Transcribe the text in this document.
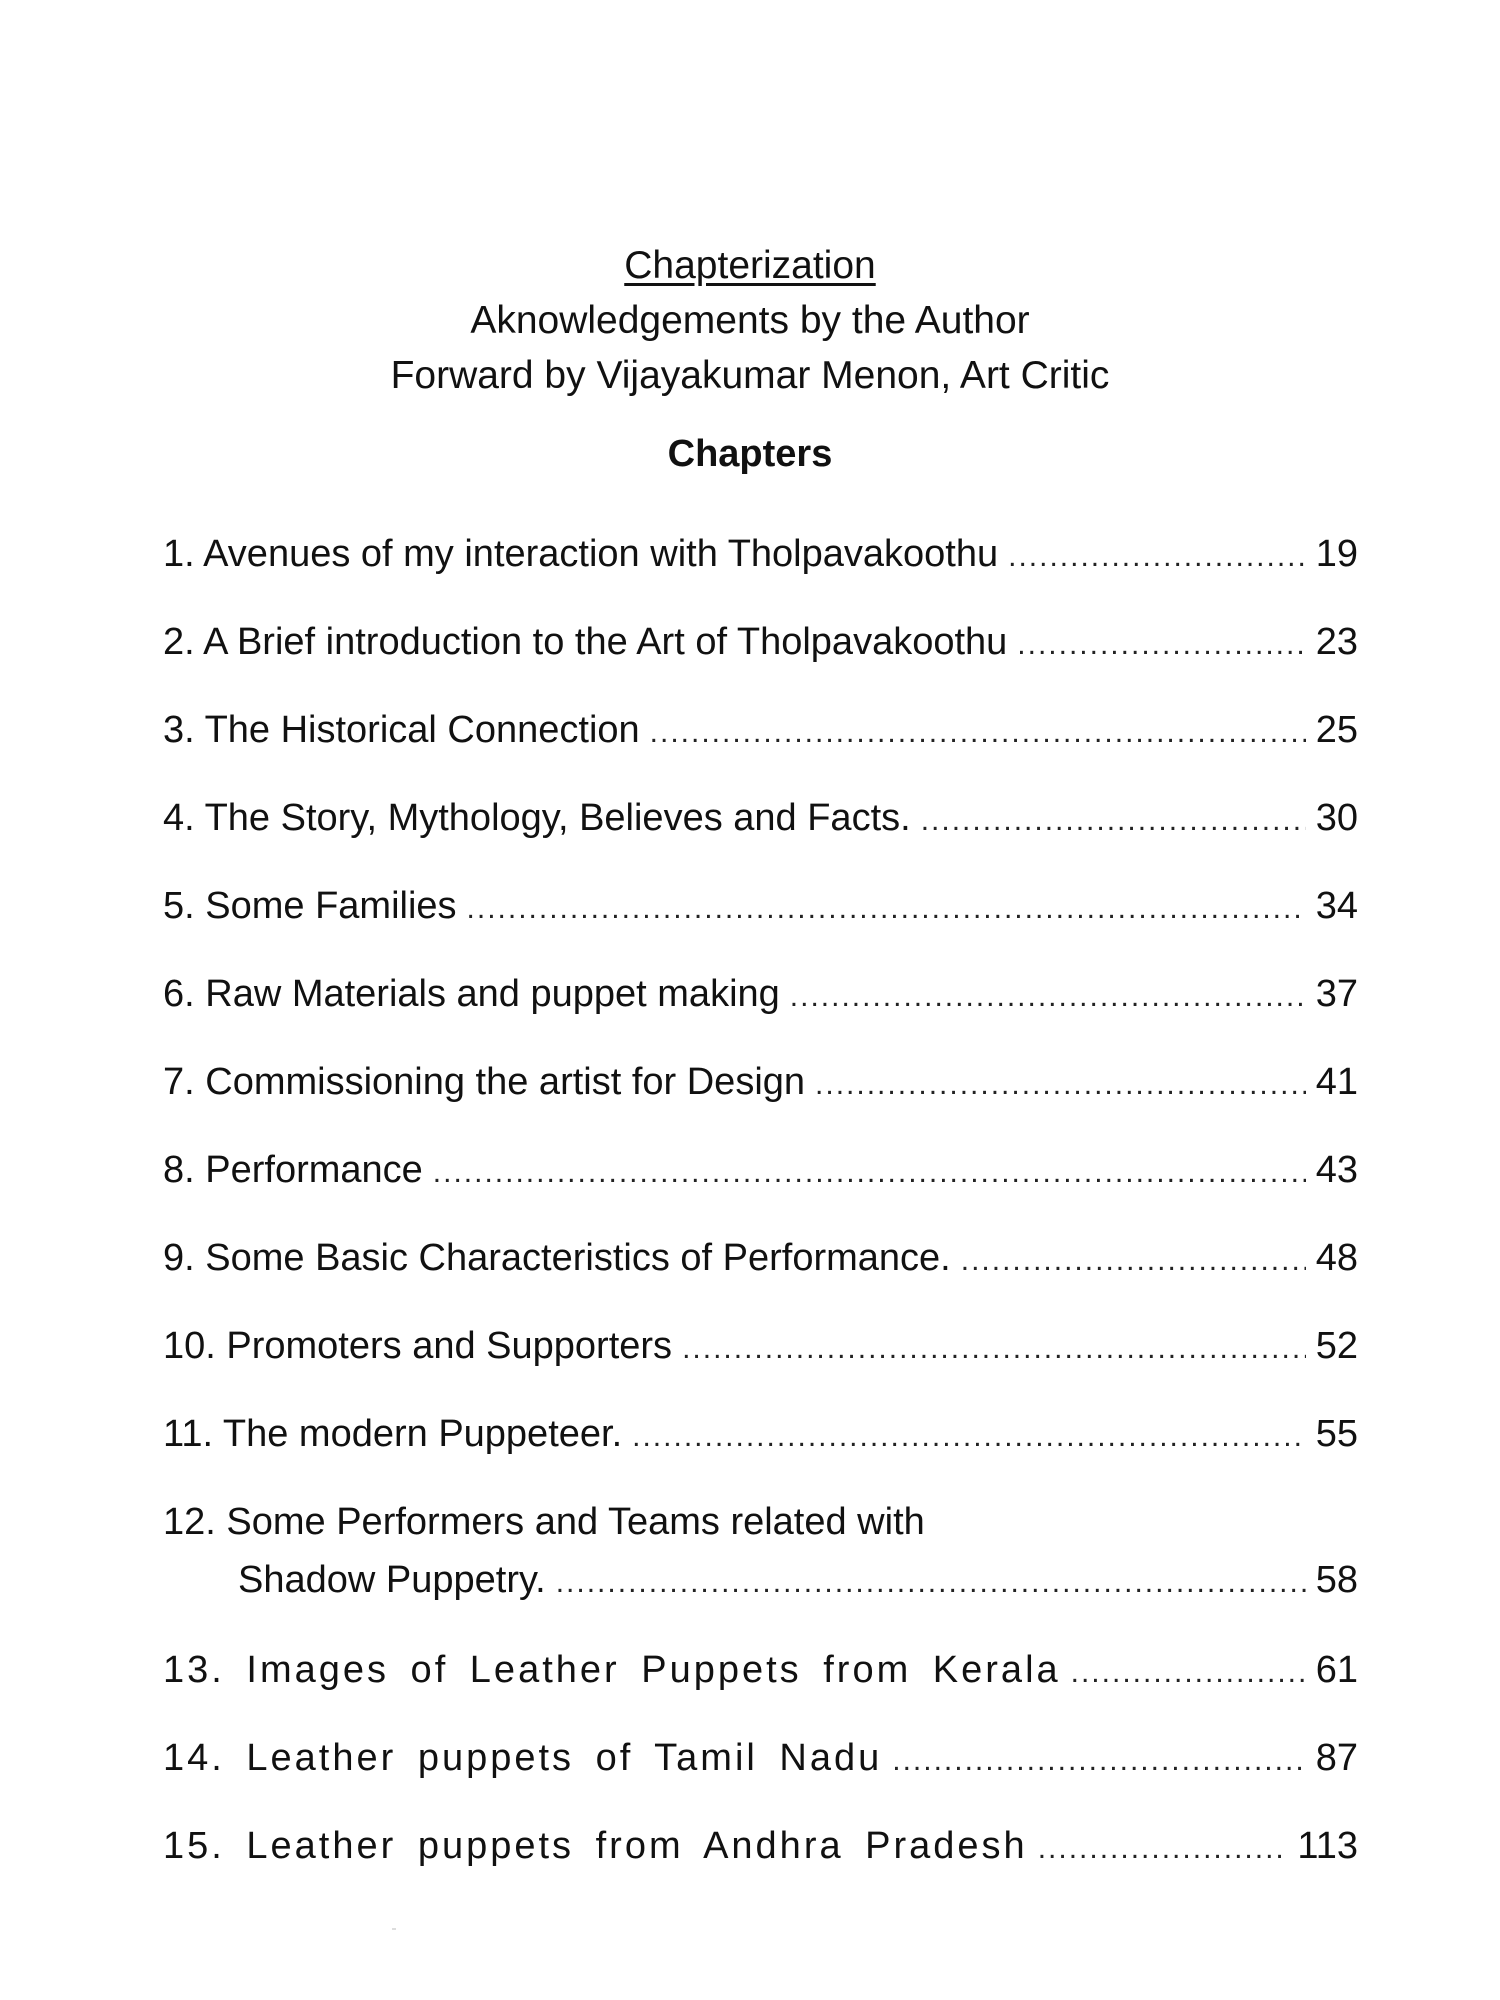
Chapterization
Aknowledgements by the Author
Forward by Vijayakumar Menon, Art Critic
Chapters
1. Avenues of my interaction with Tholpavakoothu .....	19
2. A Brief introduction to the Art of Tholpavakoothu .....	23
3. The Historical Connection .....	25
4. The Story, Mythology, Believes and Facts. .....	30
5. Some Families .....	34
6. Raw Materials and puppet making .....	37
7. Commissioning the artist for Design .....	41
8. Performance .....	43
9. Some Basic Characteristics of Performance. .....	48
10. Promoters and Supporters .....	52
11. The modern Puppeteer. .....	55
12. Some Performers and Teams related with
Shadow Puppetry. .....	58
13. Images of Leather Puppets from Kerala .....	61
14. Leather puppets of Tamil Nadu .....	87
15. Leather puppets from Andhra Pradesh .....	113
